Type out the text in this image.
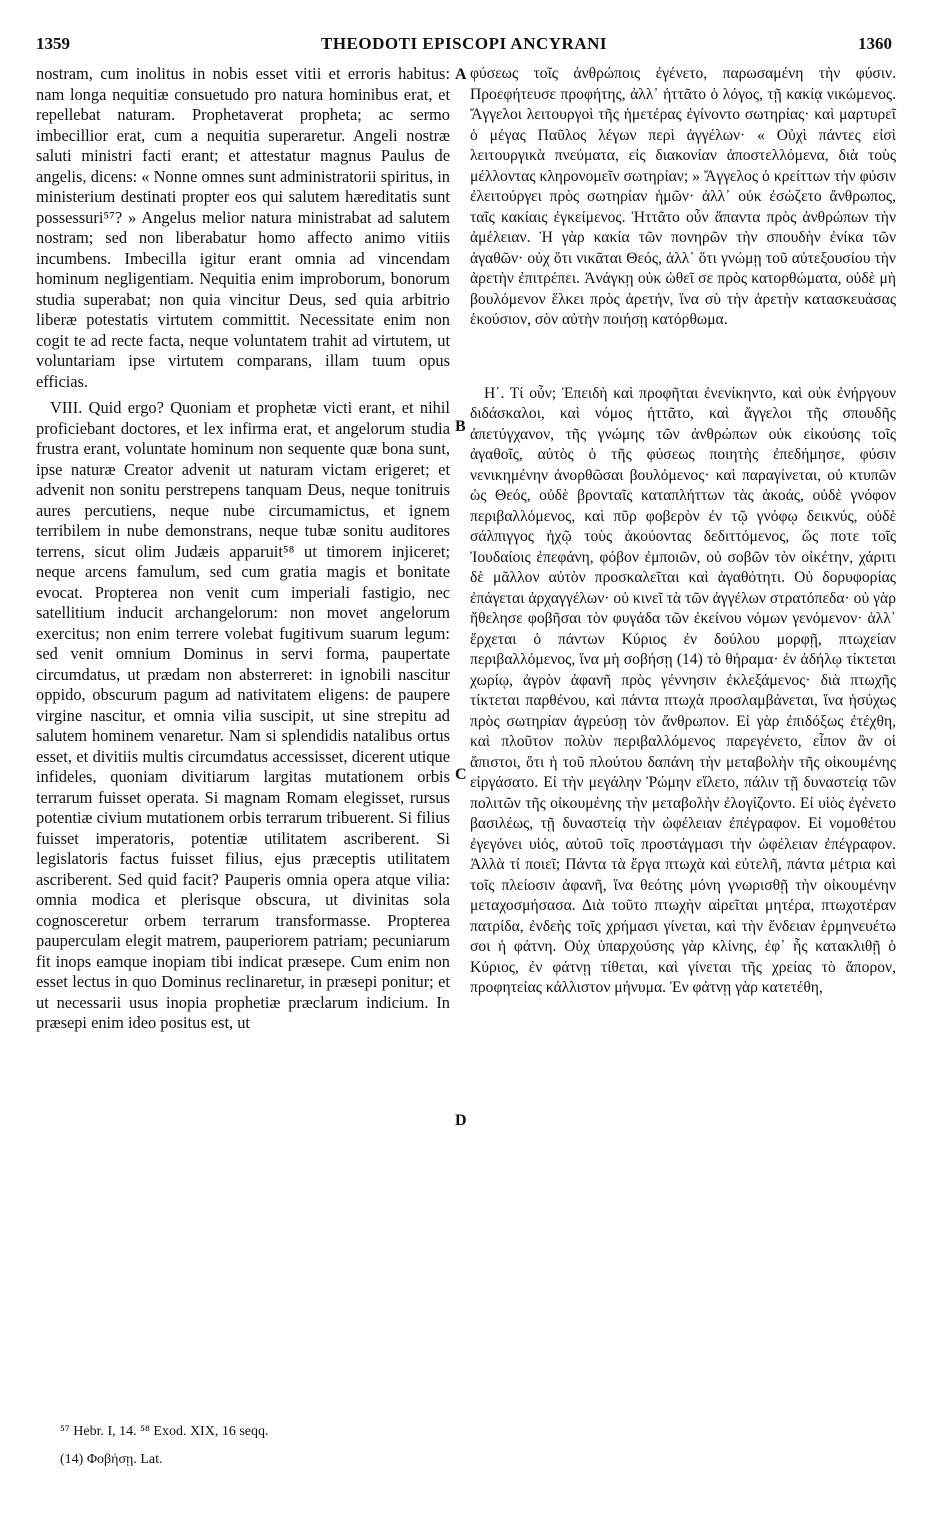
1359	THEODOTI EPISCOPI ANCYRANI	1360

nostram, cum inolitus in nobis esset vitii et erroris habitus: nam longa nequitiæ consuetudo pro natura hominibus erat, et repellebat naturam. Prophetaverat propheta; ac sermo imbecillior erat, cum a nequitia superaretur. Angeli nostræ saluti ministri facti erant; et attestatur magnus Paulus de angelis, dicens: « Nonne omnes sunt administratorii spiritus, in ministerium destinati propter eos qui salutem hæreditatis sunt possessuri⁵⁷? » Angelus melior natura ministrabat ad salutem nostram; sed non liberabatur homo affecto animo vitiis incumbens. Imbecilla igitur erant omnia ad vincendam hominum negligentiam. Nequitia enim improborum, bonorum studia superabat; non quia vincitur Deus, sed quia arbitrio liberæ potestatis virtutem committit. Necessitate enim non cogit te ad recte facta, neque voluntatem trahit ad virtutem, ut voluntariam ipse virtutem comparans, illam tuum opus efficias.

VIII. Quid ergo? Quoniam et prophetæ victi erant, et nihil proficiebant doctores, et lex infirma erat, et angelorum studia frustra erant, voluntate hominum non sequente quæ bona sunt, ipse naturæ Creator advenit ut naturam victam erigeret; et advenit non sonitu perstrepens tanquam Deus, neque tonitruis aures percutiens, neque nube circumamictus, et ignem terribilem in nube demonstrans, neque tubæ sonitu auditores terrens, sicut olim Judæis apparuit⁵⁸ ut timorem injiceret; neque arcens famulum, sed cum gratia magis et bonitate evocat. Propterea non venit cum imperiali fastigio, nec satellitium inducit archangelorum: non movet angelorum exercitus; non enim terrere volebat fugitivum suarum legum: sed venit omnium Dominus in servi forma, paupertate circumdatus, ut prædam non absterreret: in ignobili nascitur oppido, obscurum pagum ad nativitatem eligens: de paupere virgine nascitur, et omnia vilia suscipit, ut sine strepitu ad salutem hominem venaretur. Nam si splendidis natalibus ortus esset, et divitiis multis circumdatus accessisset, dicerent utique infideles, quoniam divitiarum largitas mutationem orbis terrarum fuisset operata. Si magnam Romam elegisset, rursus potentiæ civium mutationem orbis terrarum tribuerent. Si filius fuisset imperatoris, potentiæ utilitatem ascriberent. Si legislatoris factus fuisset filius, ejus præceptis utilitatem ascriberent. Sed quid facit? Pauperis omnia opera atque vilia: omnia modica et plerisque obscura, ut divinitas sola cognosceretur orbem terrarum transformasse. Propterea pauperculam elegit matrem, pauperiorem patriam; pecuniarum fit inops eamque inopiam tibi indicat præsepe. Cum enim non esset lectus in quo Dominus reclinaretur, in præsepi ponitur; et ut necessarii usus inopia prophetiæ præclarum indicium. In præsepi enim ideo positus est, ut

φύσεως τοῖς ἀνθρώποις ἐγένετο, παρωσαμένη τὴν φύσιν. Προεφήτευσε προφήτης, ἀλλ᾽ ἡττᾶτο ὁ λόγος, τῇ κακίᾳ νικώμενος. Ἄγγελοι λειτουργοὶ τῆς ἡμετέρας ἐγίνοντο σωτηρίας· καὶ μαρτυρεῖ ὁ μέγας Παῦλος λέγων περὶ ἀγγέλων· « Οὐχὶ πάντες εἰσὶ λειτουργικὰ πνεύματα, εἰς διακονίαν ἀποστελλόμενα, διὰ τοὺς μέλλοντας κληρονομεῖν σωτηρίαν; » Ἄγγελος ὁ κρείττων τὴν φύσιν ἐλειτούργει πρὸς σωτηρίαν ἡμῶν· ἀλλ᾽ οὐκ ἐσώζετο ἄνθρωπος, ταῖς κακίαις ἐγκείμενος. Ἡττᾶτο οὖν ἅπαντα πρὸς ἀνθρώπων τὴν ἀμέλειαν. Ἡ γὰρ κακία τῶν πονηρῶν τὴν σπουδὴν ἐνίκα τῶν ἀγαθῶν· οὐχ ὅτι νικᾶται Θεός, ἀλλ᾽ ὅτι γνώμῃ τοῦ αὐτεξουσίου τὴν ἀρετὴν ἐπιτρέπει. Ἀνάγκῃ οὐκ ὠθεῖ σε πρὸς κατορθώματα, οὐδὲ μὴ βουλόμενον ἕλκει πρὸς ἀρετήν, ἵνα σὺ τὴν ἀρετὴν κατασκευάσας ἑκούσιον, σὸν αὐτὴν ποιήσῃ κατόρθωμα.

Η΄. Τί οὖν; Ἐπειδὴ καὶ προφῆται ἐνενίκηντο, καὶ οὐκ ἐνήργουν διδάσκαλοι, καὶ νόμος ἡττᾶτο, καὶ ἄγγελοι τῆς σπουδῆς ἀπετύγχανον, τῆς γνώμης τῶν ἀνθρώπων οὐκ εἰκούσης τοῖς ἀγαθοῖς, αὐτὸς ὁ τῆς φύσεως ποιητὴς ἐπεδήμησε, φύσιν νενικημένην ἀνορθῶσαι βουλόμενος· καὶ παραγίνεται, οὐ κτυπῶν ὡς Θεός, οὐδὲ βρονταῖς καταπλήττων τὰς ἀκοάς, οὐδὲ γνόφον περιβαλλόμενος, καὶ πῦρ φοβερὸν ἐν τῷ γνόφῳ δεικνύς, οὐδὲ σάλπιγγος ἠχῷ τοὺς ἀκούοντας δεδιττόμενος, ὥς ποτε τοῖς Ἰουδαίοις ἐπεφάνη, φόβον ἐμποιῶν, οὐ σοβῶν τὸν οἰκέτην, χάριτι δὲ μᾶλλον αὐτὸν προσκαλεῖται καὶ ἀγαθότητι. Οὐ δορυφορίας ἐπάγεται ἀρχαγγέλων· οὐ κινεῖ τὰ τῶν ἀγγέλων στρατόπεδα· οὐ γὰρ ἤθελησε φοβῆσαι τὸν φυγάδα τῶν ἐκείνου νόμων γενόμενον· ἀλλ᾽ ἔρχεται ὁ πάντων Κύριος ἐν δούλου μορφῇ, πτωχείαν περιβαλλόμενος, ἵνα μὴ σοβήσῃ (14) τὸ θήραμα· ἐν ἀδήλῳ τίκτεται χωρίῳ, ἀγρὸν ἀφανῆ πρὸς γέννησιν ἐκλεξάμενος· διὰ πτωχῆς τίκτεται παρθένου, καὶ πάντα πτωχὰ προσλαμβάνεται, ἵνα ἡσύχως πρὸς σωτηρίαν ἀγρεύσῃ τὸν ἄνθρωπον. Εἰ γὰρ ἐπιδόξως ἐτέχθη, καὶ πλοῦτον πολὺν περιβαλλόμενος παρεγένετο, εἶπον ἂν οἱ ἄπιστοι, ὅτι ἡ τοῦ πλούτου δαπάνη τὴν μεταβολὴν τῆς οἰκουμένης εἰργάσατο. Εἰ τὴν μεγάλην Ῥώμην εἵλετο, πάλιν τῇ δυναστείᾳ τῶν πολιτῶν τῆς οἰκουμένης τὴν μεταβολὴν ἐλογίζοντο. Εἰ υἱὸς ἐγένετο βασιλέως, τῇ δυναστείᾳ τὴν ὠφέλειαν ἐπέγραφον. Εἰ νομοθέτου ἐγεγόνει υἱός, αὐτοῦ τοῖς προστάγμασι τὴν ὠφέλειαν ἐπέγραφον. Ἀλλὰ τί ποιεῖ; Πάντα τὰ ἔργα πτωχὰ καὶ εὐτελῆ, πάντα μέτρια καὶ τοῖς πλείοσιν ἀφανῆ, ἵνα θεότης μόνη γνωρισθῇ τὴν οἰκουμένην μεταχοσμήσασα. Διὰ τοῦτο πτωχὴν αἱρεῖται μητέρα, πτωχοτέραν πατρίδα, ἐνδεὴς τοῖς χρήμασι γίνεται, καὶ τὴν ἔνδειαν ἑρμηνευέτω σοι ἡ φάτνη. Οὐχ ὑπαρχούσης γὰρ κλίνης, ἐφ᾽ ἧς κατακλιθῇ ὁ Κύριος, ἐν φάτνῃ τίθεται, καὶ γίνεται τῆς χρείας τὸ ἄπορον, προφητείας κάλλιστον μήνυμα. Ἐν φάτνῃ γὰρ κατετέθη,

A
B
C
D
⁵⁷ Hebr. I, 14. ⁵⁸ Exod. XIX, 16 seqq.
(14) Φοβήσῃ. Lat.
